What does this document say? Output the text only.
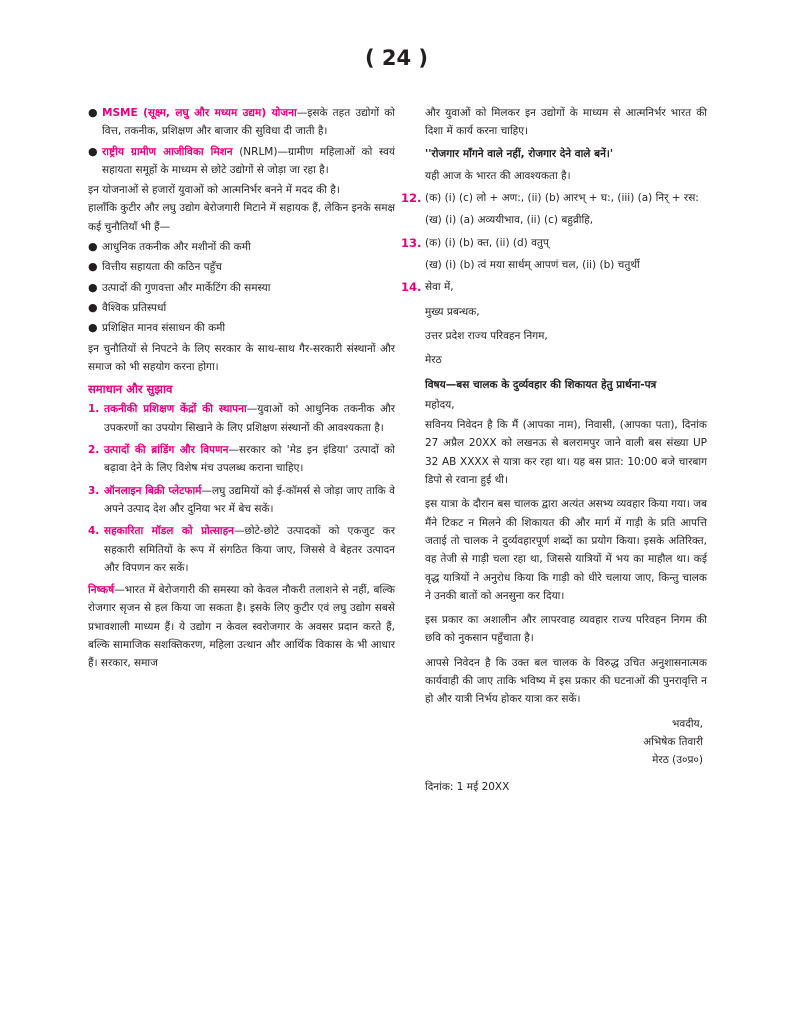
( 24 )
● MSME (सूक्ष्म, लघु और मध्यम उद्यम) योजना—इसके तहत उद्योगों को वित्त, तकनीक, प्रशिक्षण और बाजार की सुविधा दी जाती है।
● राष्ट्रीय ग्रामीण आजीविका मिशन (NRLM)—ग्रामीण महिलाओं को स्वयं सहायता समूहों के माध्यम से छोटे उद्योगों से जोड़ा जा रहा है।

इन योजनाओं से हजारों युवाओं को आत्मनिर्भर बनने में मदद की है।

हालाँकि कुटीर और लघु उद्योग बेरोजगारी मिटाने में सहायक हैं, लेकिन इनके समक्ष कई चुनौतियाँ भी हैं—

● आधुनिक तकनीक और मशीनों की कमी
● वित्तीय सहायता की कठिन पहुँच
● उत्पादों की गुणवत्ता और मार्केटिंग की समस्या
● वैश्विक प्रतिस्पर्धा
● प्रशिक्षित मानव संसाधन की कमी

इन चुनौतियों से निपटने के लिए सरकार के साथ-साथ गैर-सरकारी संस्थानों और समाज को भी सहयोग करना होगा।

समाधान और सुझाव

1. तकनीकी प्रशिक्षण केंद्रों की स्थापना—युवाओं को आधुनिक तकनीक और उपकरणों का उपयोग सिखाने के लिए प्रशिक्षण संस्थानों की आवश्यकता है।
2. उत्पादों की ब्रांडिंग और विपणन—सरकार को 'मेड इन इंडिया' उत्पादों को बढ़ावा देने के लिए विशेष मंच उपलब्ध कराना चाहिए।
3. ऑनलाइन बिक्री प्लेटफार्म—लघु उद्यमियों को ई-कॉमर्स से जोड़ा जाए ताकि वे अपने उत्पाद देश और दुनिया भर में बेच सकें।
4. सहकारिता मॉडल को प्रोत्साहन—छोटे-छोटे उत्पादकों को एकजुट कर सहकारी समितियों के रूप में संगठित किया जाए, जिससे वे बेहतर उत्पादन और विपणन कर सकें।

निष्कर्ष—भारत में बेरोजगारी की समस्या को केवल नौकरी तलाशने से नहीं, बल्कि रोजगार सृजन से हल किया जा सकता है। इसके लिए कुटीर एवं लघु उद्योग सबसे प्रभावशाली माध्यम हैं। ये उद्योग न केवल स्वरोजगार के अवसर प्रदान करते हैं, बल्कि सामाजिक सशक्तिकरण, महिला उत्थान और आर्थिक विकास के भी आधार हैं। सरकार, समाज

और युवाओं को मिलकर इन उद्योगों के माध्यम से आत्मनिर्भर भारत की दिशा में कार्य करना चाहिए।

''रोजगार माँगने वाले नहीं, रोजगार देने वाले बनें।'

यही आज के भारत की आवश्यकता है।

12. (क) (i) (c) लो + अण:, (ii) (b) आरभ् + घ:, (iii) (a) निर् + रस:

(ख) (i) (a) अव्ययीभाव, (ii) (c) बहुव्रीहि,

13. (क) (i) (b) क्त, (ii) (d) वतुप्

(ख) (i) (b) त्वं मया सार्धम् आपणं चल, (ii) (b) चतुर्थी

14. सेवा में,

मुख्य प्रबन्धक,

उत्तर प्रदेश राज्य परिवहन निगम,

मेरठ

विषय—बस चालक के दुर्व्यवहार की शिकायत हेतु प्रार्थना-पत्र

महोदय,

सविनय निवेदन है कि मैं (आपका नाम), निवासी, (आपका पता), दिनांक 27 अप्रैल 20XX को लखनऊ से बलरामपुर जाने वाली बस संख्या UP 32 AB XXXX से यात्रा कर रहा था। यह बस प्रात: 10:00 बजे चारबाग डिपो से रवाना हुई थी।

इस यात्रा के दौरान बस चालक द्वारा अत्यंत असभ्य व्यवहार किया गया। जब मैंने टिकट न मिलने की शिकायत की और मार्ग में गाड़ी के प्रति आपत्ति जताई तो चालक ने दुर्व्यवहारपूर्ण शब्दों का प्रयोग किया। इसके अतिरिक्त, वह तेजी से गाड़ी चला रहा था, जिससे यात्रियों में भय का माहौल था। कई वृद्ध यात्रियों ने अनुरोध किया कि गाड़ी को धीरे चलाया जाए, किन्तु चालक ने उनकी बातों को अनसुना कर दिया।

इस प्रकार का अशालीन और लापरवाह व्यवहार राज्य परिवहन निगम की छवि को नुकसान पहुँचाता है।

आपसे निवेदन है कि उक्त बल चालक के विरुद्ध उचित अनुशासनात्मक कार्यवाही की जाए ताकि भविष्य में इस प्रकार की घटनाओं की पुनरावृत्ति न हो और यात्री निर्भय होकर यात्रा कर सकें।

भवदीय,

अभिषेक तिवारी

मेरठ (उ०प्र०)

दिनांक: 1 मई 20XX
